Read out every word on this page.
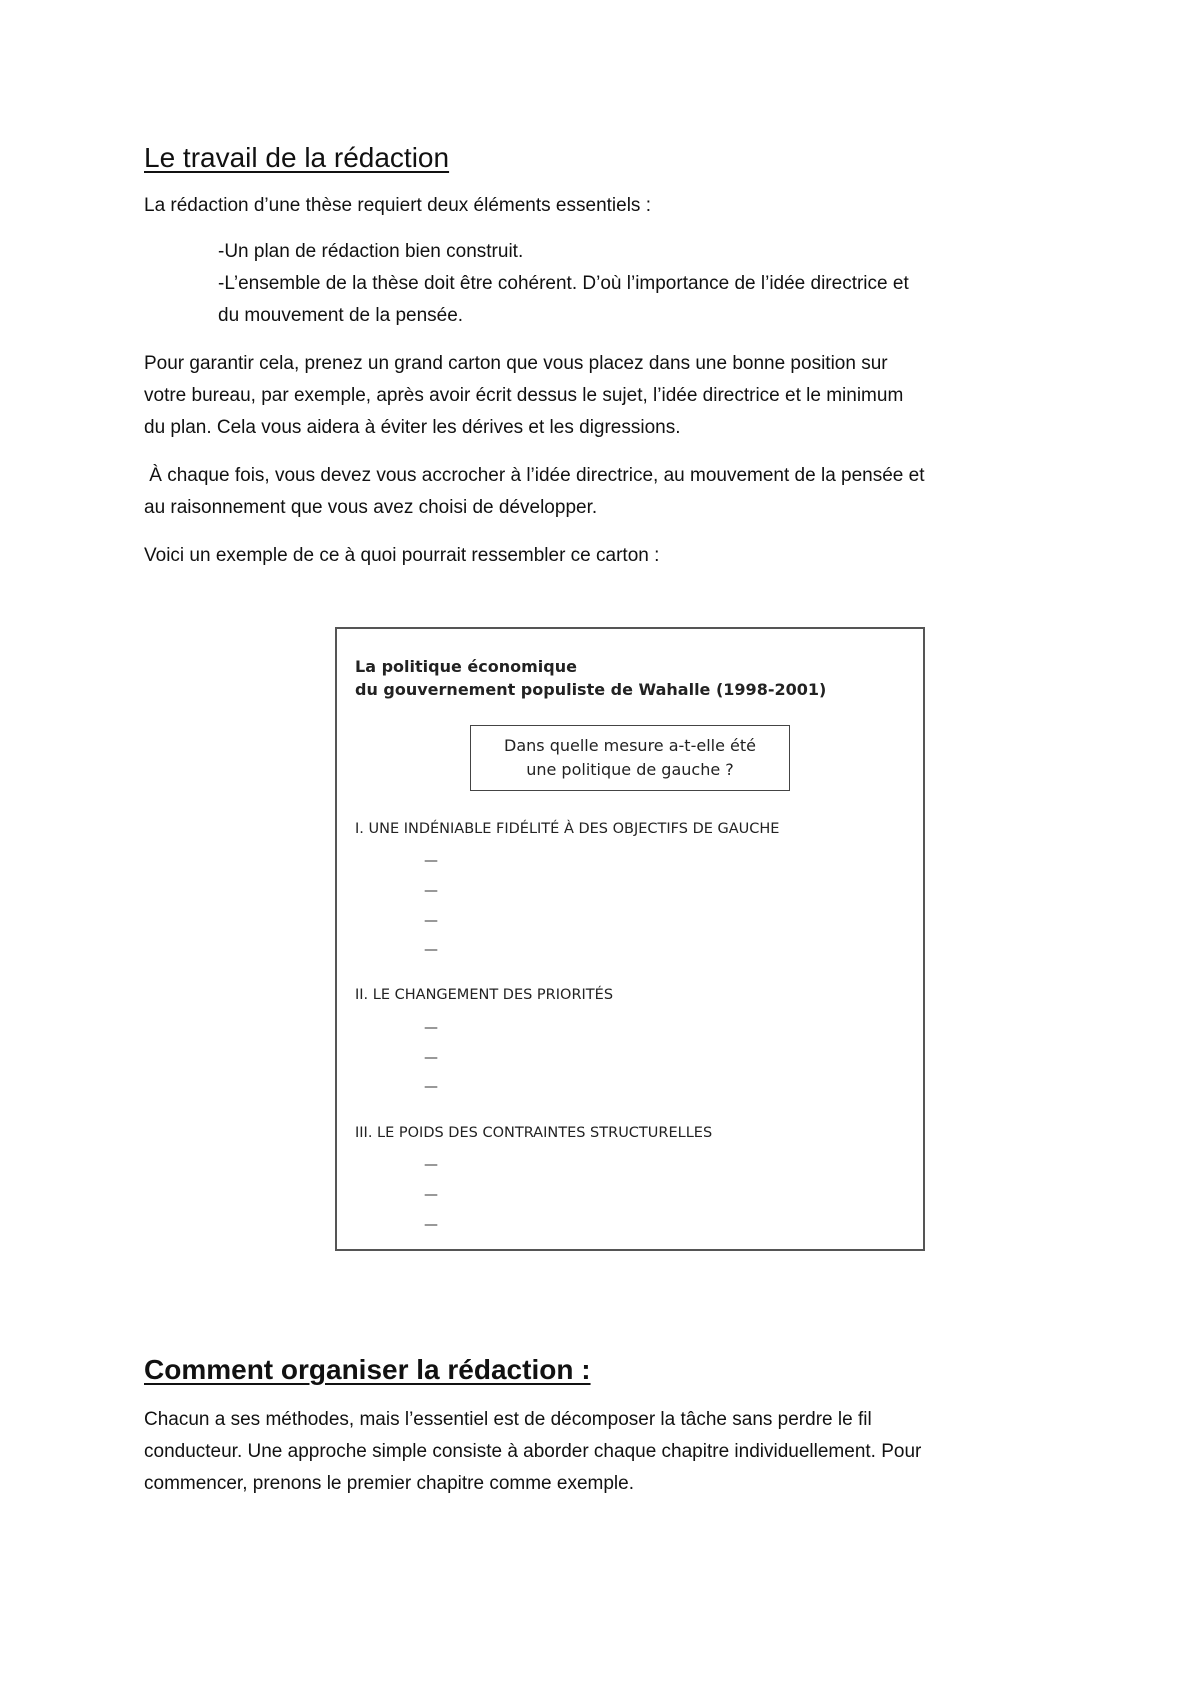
Le travail de la rédaction

La rédaction d’une thèse requiert deux éléments essentiels :

-Un plan de rédaction bien construit.

-L’ensemble de la thèse doit être cohérent. D’où l’importance de l’idée directrice et

du mouvement de la pensée.

Pour garantir cela, prenez un grand carton que vous placez dans une bonne position sur

votre bureau, par exemple, après avoir écrit dessus le sujet, l’idée directrice et le minimum

du plan. Cela vous aidera à éviter les dérives et les digressions.

À chaque fois, vous devez vous accrocher à l’idée directrice, au mouvement de la pensée et

au raisonnement que vous avez choisi de développer.

Voici un exemple de ce à quoi pourrait ressembler ce carton :

La politique économique
du gouvernement populiste de Wahalle (1998-2001)
Dans quelle mesure a-t-elle été
une politique de gauche ?
I. UNE INDÉNIABLE FIDÉLITÉ À DES OBJECTIFS DE GAUCHE
—
—
—
—
II. LE CHANGEMENT DES PRIORITÉS
—
—
—
III. LE POIDS DES CONTRAINTES STRUCTURELLES
—
—
—
Comment organiser la rédaction :

Chacun a ses méthodes, mais l’essentiel est de décomposer la tâche sans perdre le fil

conducteur. Une approche simple consiste à aborder chaque chapitre individuellement. Pour

commencer, prenons le premier chapitre comme exemple.
